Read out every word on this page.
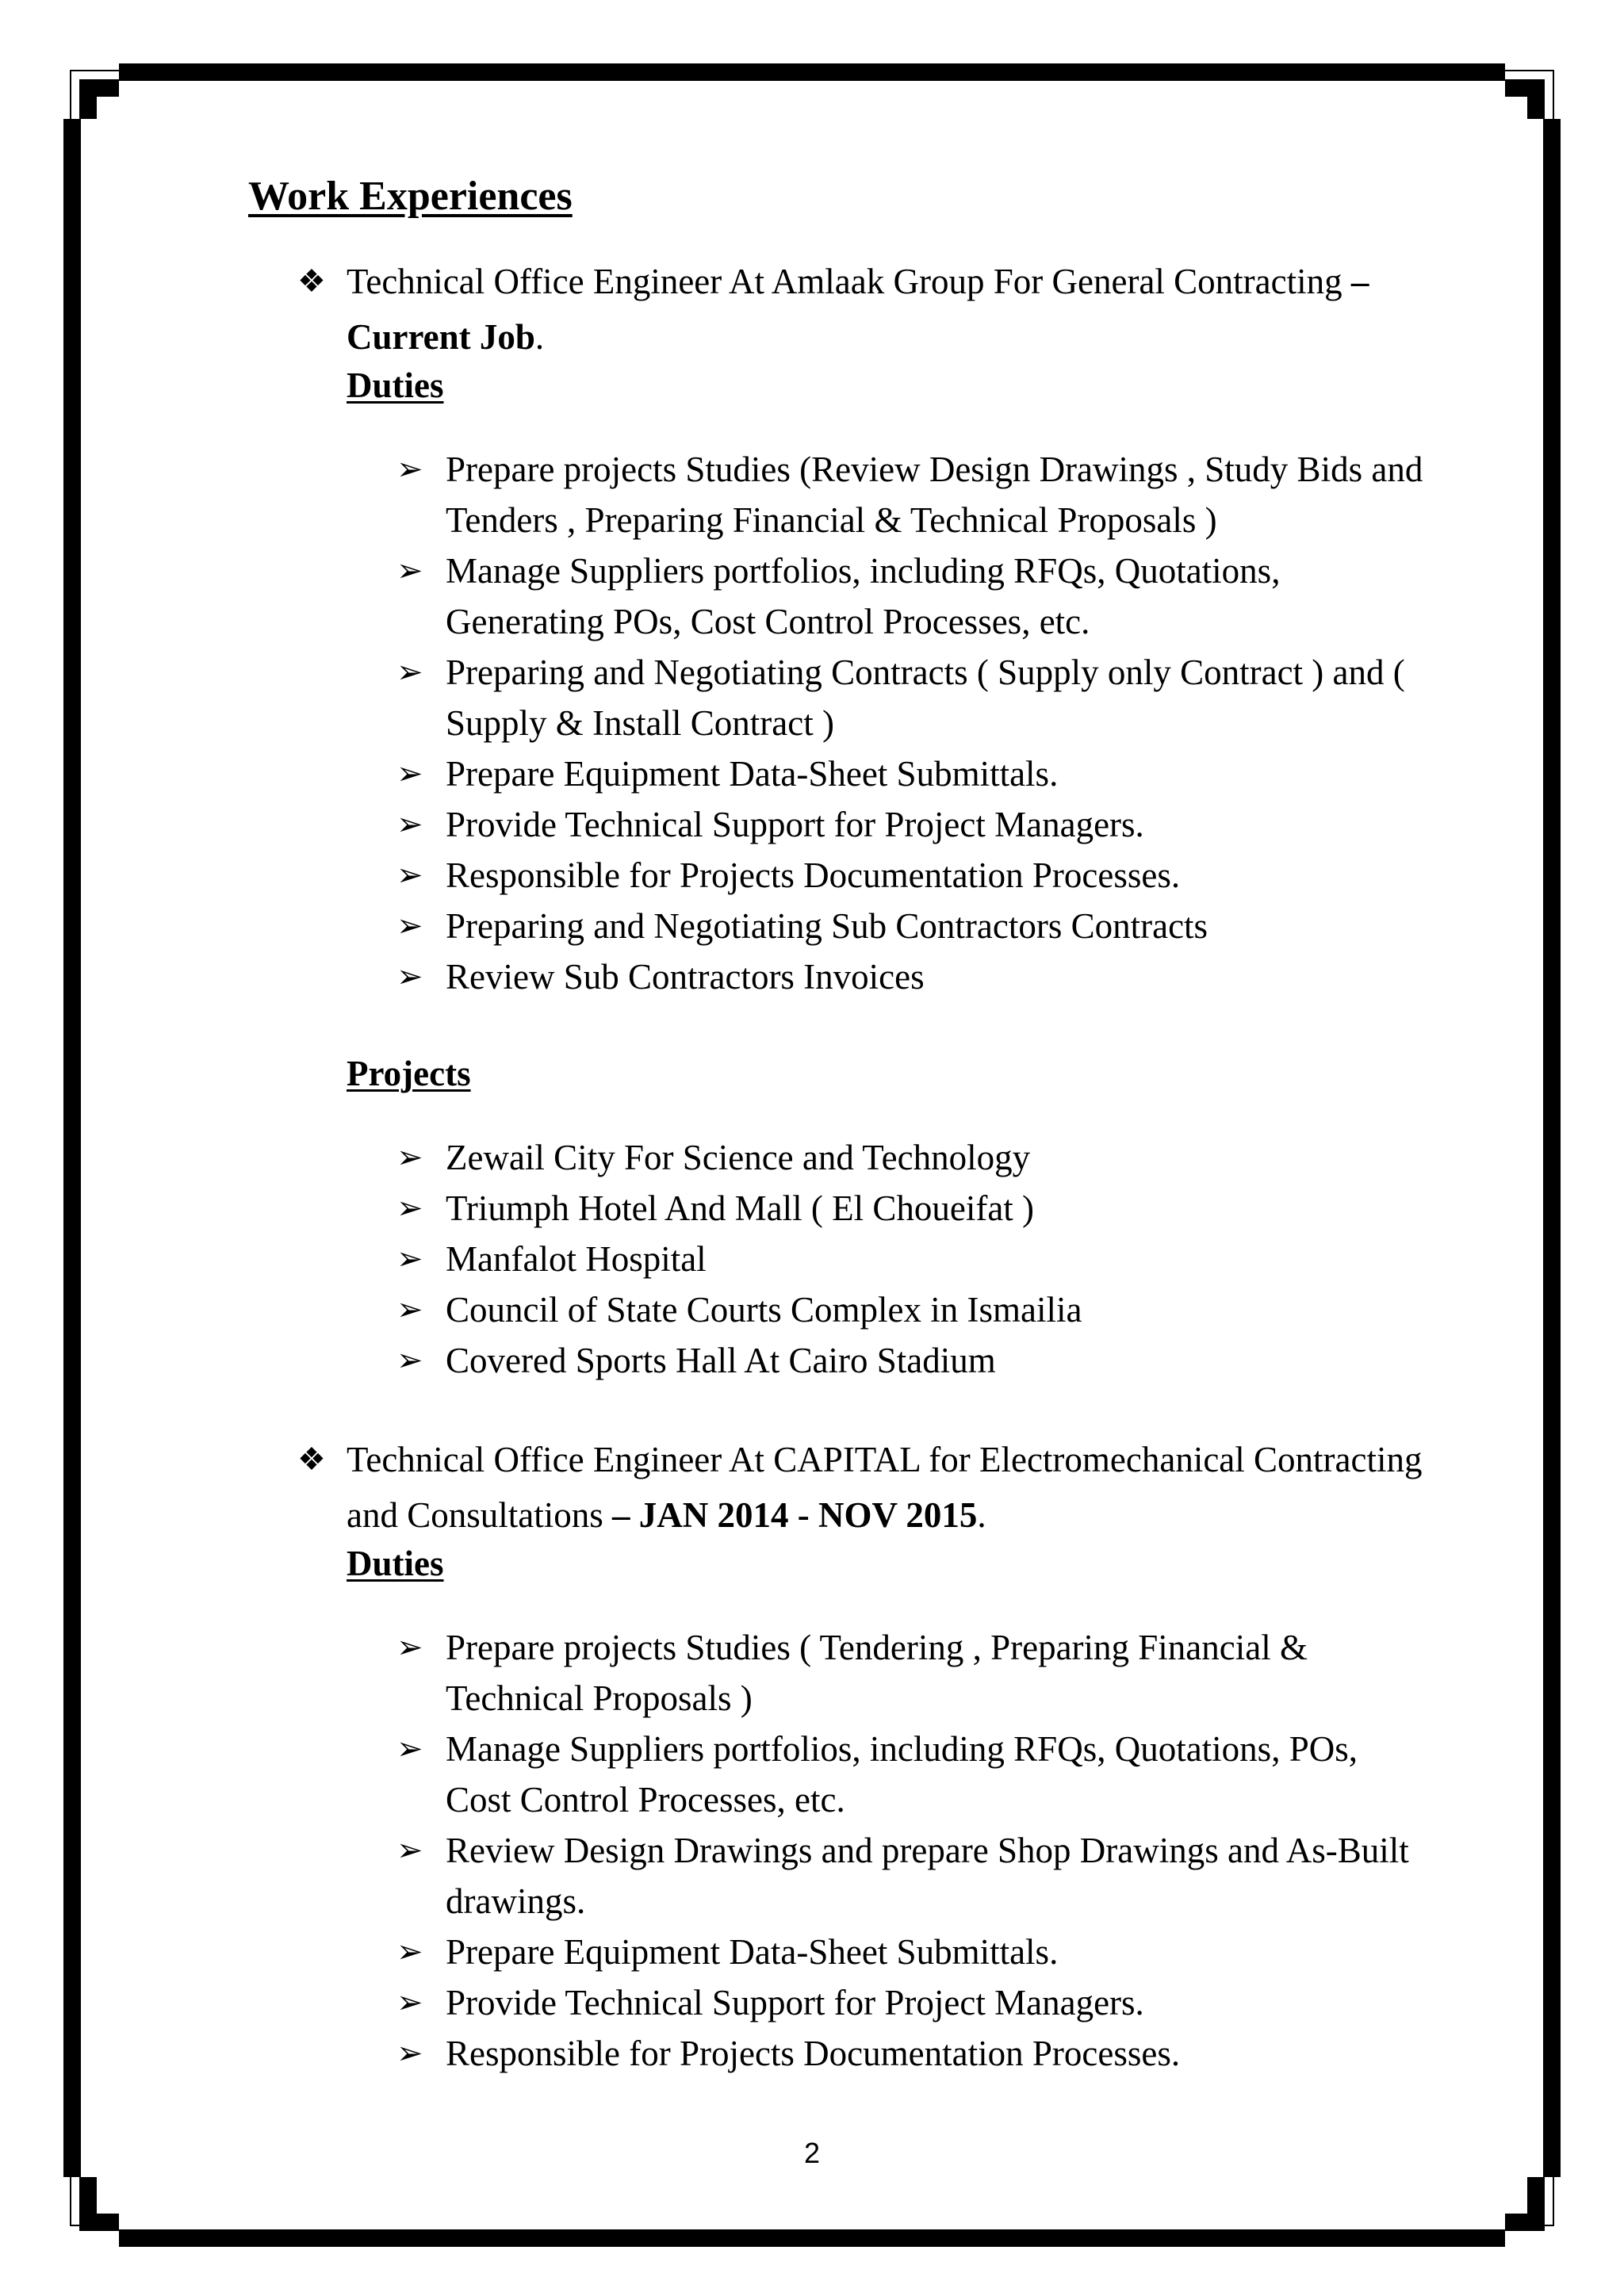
Work Experiences
❖ Technical Office Engineer At Amlaak Group For General Contracting – Current Job.
Duties
➢ Prepare projects Studies (Review Design Drawings , Study Bids and Tenders , Preparing Financial & Technical Proposals )
➢ Manage Suppliers portfolios, including RFQs, Quotations, Generating POs, Cost Control Processes, etc.
➢ Preparing and Negotiating Contracts ( Supply only Contract ) and ( Supply & Install Contract )
➢ Prepare Equipment Data-Sheet Submittals.
➢ Provide Technical Support for Project Managers.
➢ Responsible for Projects Documentation Processes.
➢ Preparing and Negotiating Sub Contractors Contracts
➢ Review Sub Contractors Invoices
Projects
➢ Zewail City For Science and Technology
➢ Triumph Hotel And Mall ( El Choueifat )
➢ Manfalot Hospital
➢ Council of State Courts Complex in Ismailia
➢ Covered Sports Hall At Cairo Stadium
❖ Technical Office Engineer At CAPITAL for Electromechanical Contracting and Consultations – JAN 2014 - NOV 2015.
Duties
➢ Prepare projects Studies ( Tendering , Preparing Financial & Technical Proposals )
➢ Manage Suppliers portfolios, including RFQs, Quotations, POs, Cost Control Processes, etc.
➢ Review Design Drawings and prepare Shop Drawings and As-Built drawings.
➢ Prepare Equipment Data-Sheet Submittals.
➢ Provide Technical Support for Project Managers.
➢ Responsible for Projects Documentation Processes.
2
